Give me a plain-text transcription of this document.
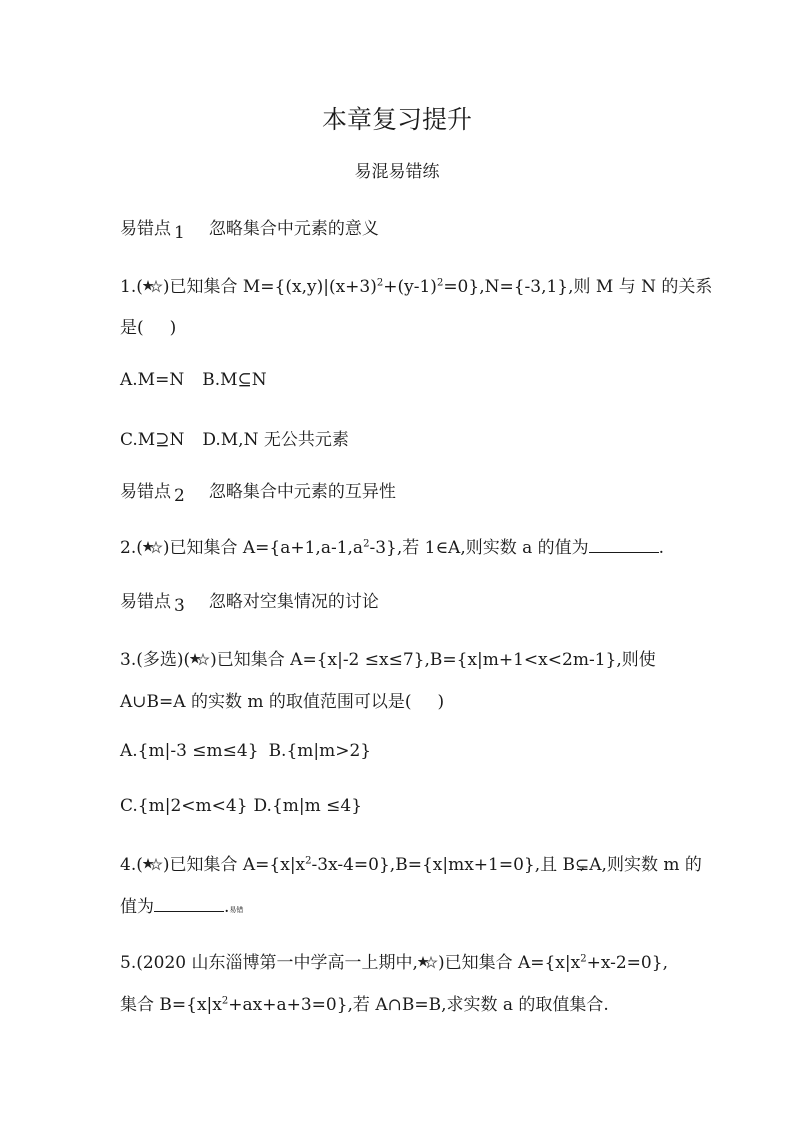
本章复习提升
易混易错练
易错点 1 忽略集合中元素的意义
1.( )已知集合 $M=\{(x,y)|(x+3)^2+(y-1)^2=0\},N=\{-3,1\}$,则 M 与 N 的关系
是( )
A.M=N B.M⊆N
C.M⊇N D.M,N 无公共元素
易错点 2 忽略集合中元素的互异性
2.( )已知集合 $A=\{a+1,a-1,a^2-3\}$,若 1∈A,则实数 a 的值为	.
易错点 3 忽略对空集情况的讨论
3.(多选)( )已知集合 A={x|-2 ≤x≤7},B={x|m+1<x<2m-1},则使
A∪B=A 的实数 m 的取值范围可以是( )
A.{m|-3 ≤m≤4} B.{m|m>2}
C.{m|2<m<4} D.{m|m ≤4}
4.( )已知集合 $A=\{x|x^2-3x-4=0\},B=\{x|mx+1=0\}$,且 B⊊A,则实数 m 的
值为	.易错
5.(2020 山东淄博第一中学高一上期中, )已知集合 $A=\{x|x^2+x-2=0\}$,
集合 $B=\{x|x^2+ax+a+3=0\}$,若 A∩B=B,求实数 a 的取值集合.
